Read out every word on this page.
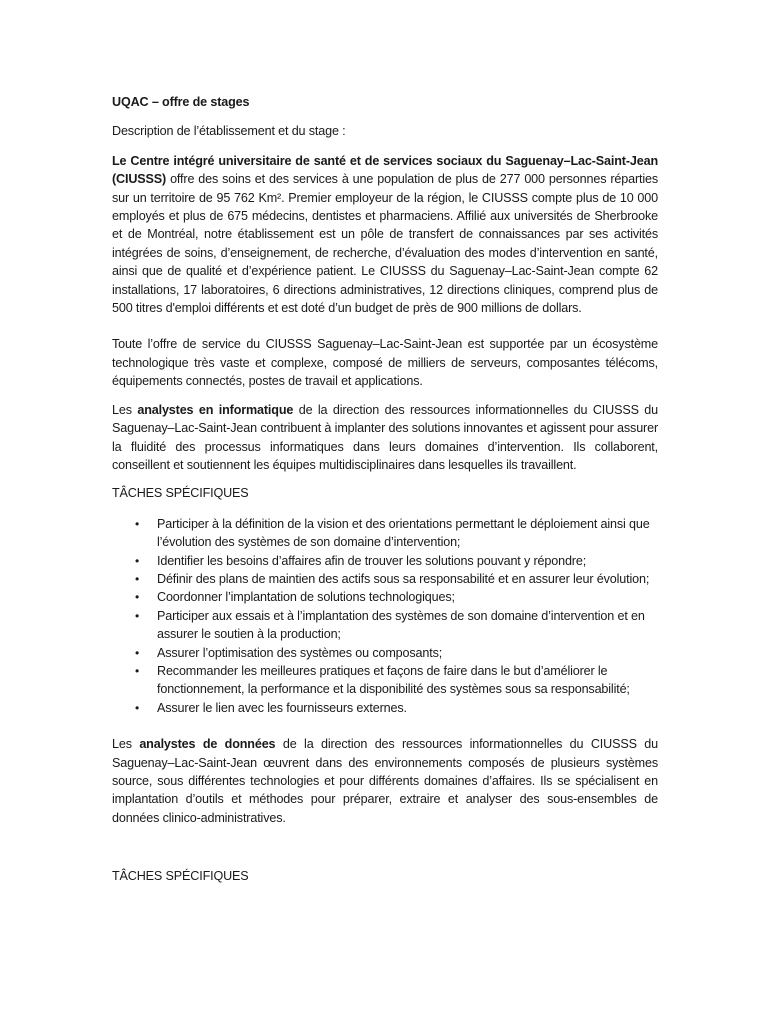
UQAC – offre de stages

Description de l’établissement et du stage :

Le Centre intégré universitaire de santé et de services sociaux du Saguenay–Lac-Saint-Jean (CIUSSS) offre des soins et des services à une population de plus de 277 000 personnes réparties sur un territoire de 95 762 Km². Premier employeur de la région, le CIUSSS compte plus de 10 000 employés et plus de 675 médecins, dentistes et pharmaciens. Affilié aux universités de Sherbrooke et de Montréal, notre établissement est un pôle de transfert de connaissances par ses activités intégrées de soins, d’enseignement, de recherche, d’évaluation des modes d’intervention en santé, ainsi que de qualité et d’expérience patient. Le CIUSSS du Saguenay–Lac-Saint-Jean compte 62 installations, 17 laboratoires, 6 directions administratives, 12 directions cliniques, comprend plus de 500 titres d'emploi différents et est doté d’un budget de près de 900 millions de dollars.

Toute l’offre de service du CIUSSS Saguenay–Lac-Saint-Jean est supportée par un écosystème technologique très vaste et complexe, composé de milliers de serveurs, composantes télécoms, équipements connectés, postes de travail et applications.

Les analystes en informatique de la direction des ressources informationnelles du CIUSSS du Saguenay–Lac-Saint-Jean contribuent à implanter des solutions innovantes et agissent pour assurer la fluidité des processus informatiques dans leurs domaines d’intervention. Ils collaborent, conseillent et soutiennent les équipes multidisciplinaires dans lesquelles ils travaillent.

TÂCHES SPÉCIFIQUES

• Participer à la définition de la vision et des orientations permettant le déploiement ainsi que l’évolution des systèmes de son domaine d’intervention;
• Identifier les besoins d’affaires afin de trouver les solutions pouvant y répondre;
• Définir des plans de maintien des actifs sous sa responsabilité et en assurer leur évolution;
• Coordonner l’implantation de solutions technologiques;
• Participer aux essais et à l’implantation des systèmes de son domaine d’intervention et en assurer le soutien à la production;
• Assurer l’optimisation des systèmes ou composants;
• Recommander les meilleures pratiques et façons de faire dans le but d’améliorer le fonctionnement, la performance et la disponibilité des systèmes sous sa responsabilité;
• Assurer le lien avec les fournisseurs externes.

Les analystes de données de la direction des ressources informationnelles du CIUSSS du Saguenay–Lac-Saint-Jean œuvrent dans des environnements composés de plusieurs systèmes source, sous différentes technologies et pour différents domaines d’affaires. Ils se spécialisent en implantation d’outils et méthodes pour préparer, extraire et analyser des sous-ensembles de données clinico-administratives.

TÂCHES SPÉCIFIQUES
